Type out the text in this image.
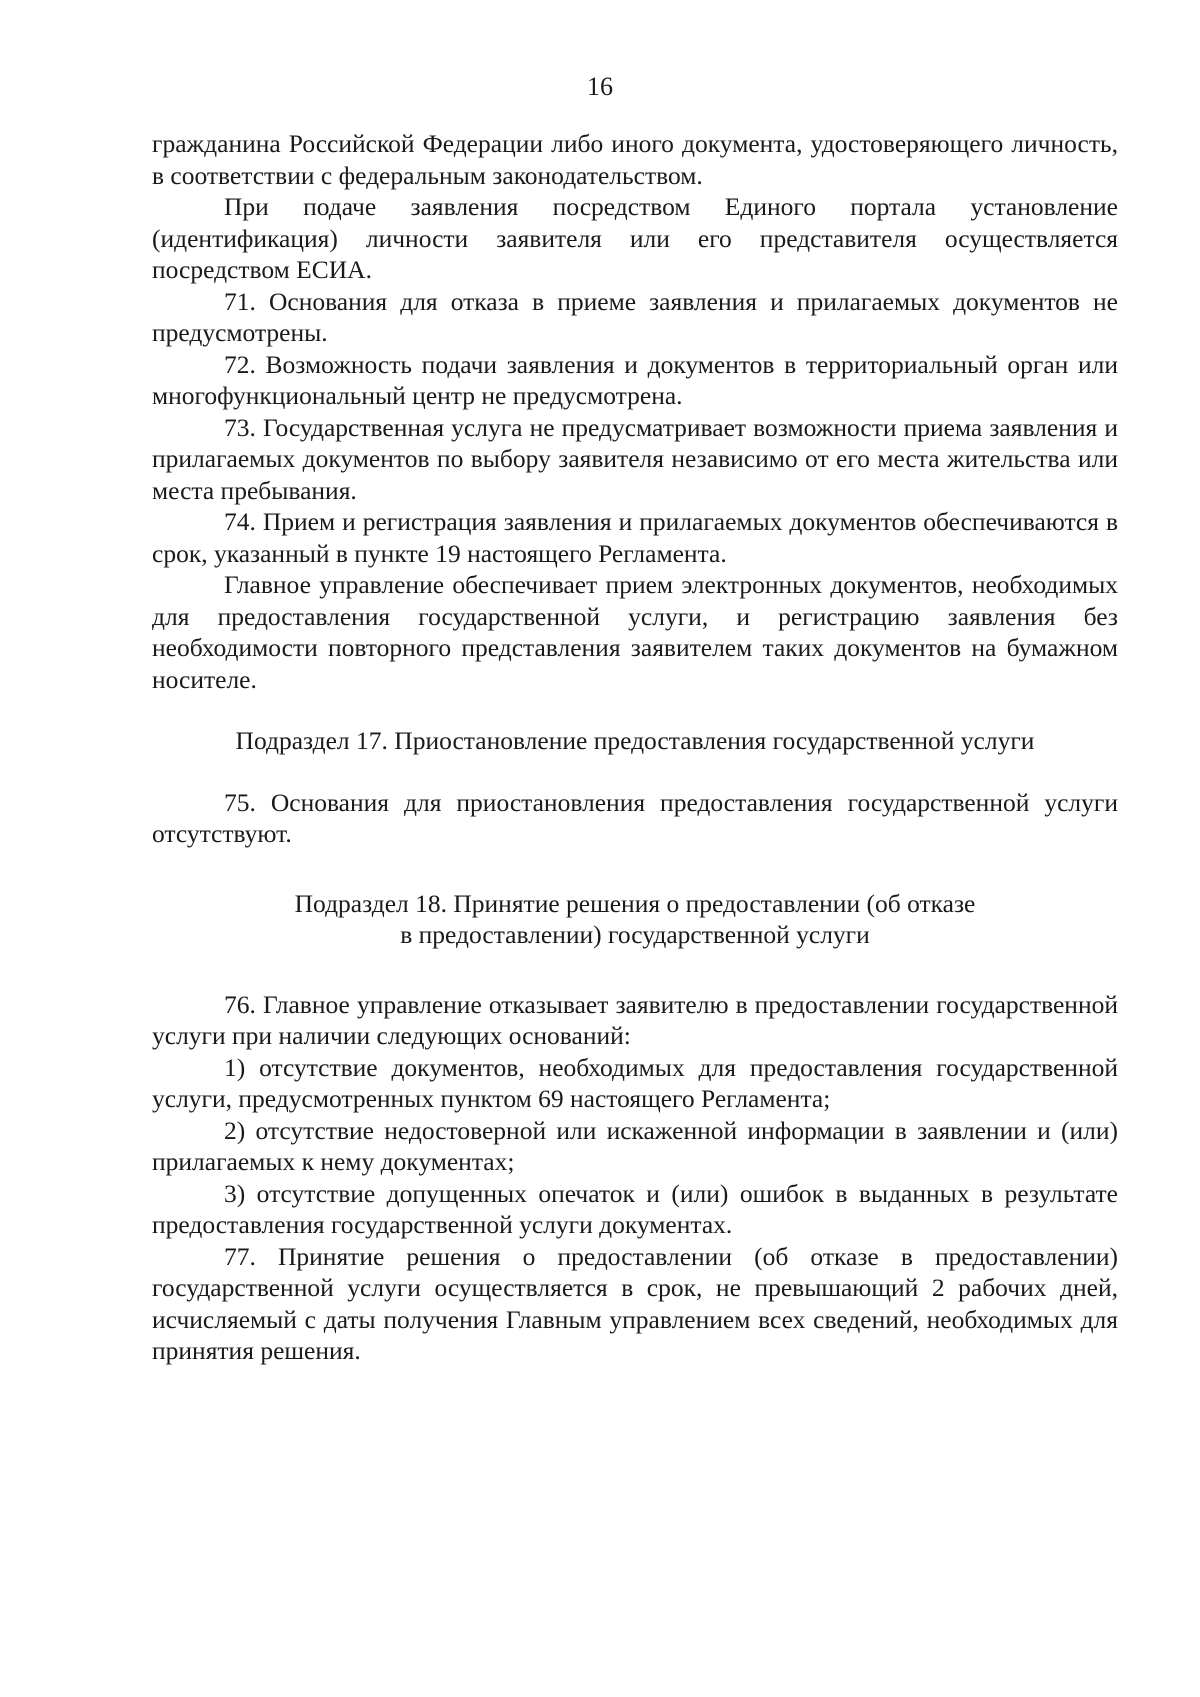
16

гражданина Российской Федерации либо иного документа, удостоверяющего личность, в соответствии с федеральным законодательством.

При подаче заявления посредством Единого портала установление (идентификация) личности заявителя или его представителя осуществляется посредством ЕСИА.

71. Основания для отказа в приеме заявления и прилагаемых документов не предусмотрены.

72. Возможность подачи заявления и документов в территориальный орган или многофункциональный центр не предусмотрена.

73. Государственная услуга не предусматривает возможности приема заявления и прилагаемых документов по выбору заявителя независимо от его места жительства или места пребывания.

74. Прием и регистрация заявления и прилагаемых документов обеспечиваются в срок, указанный в пункте 19 настоящего Регламента.

Главное управление обеспечивает прием электронных документов, необходимых для предоставления государственной услуги, и регистрацию заявления без необходимости повторного представления заявителем таких документов на бумажном носителе.

Подраздел 17. Приостановление предоставления государственной услуги

75. Основания для приостановления предоставления государственной услуги отсутствуют.

Подраздел 18. Принятие решения о предоставлении (об отказе
в предоставлении) государственной услуги

76. Главное управление отказывает заявителю в предоставлении государственной услуги при наличии следующих оснований:

1) отсутствие документов, необходимых для предоставления государственной услуги, предусмотренных пунктом 69 настоящего Регламента;

2) отсутствие недостоверной или искаженной информации в заявлении и (или) прилагаемых к нему документах;

3) отсутствие допущенных опечаток и (или) ошибок в выданных в результате предоставления государственной услуги документах.

77. Принятие решения о предоставлении (об отказе в предоставлении) государственной услуги осуществляется в срок, не превышающий 2 рабочих дней, исчисляемый с даты получения Главным управлением всех сведений, необходимых для принятия решения.
